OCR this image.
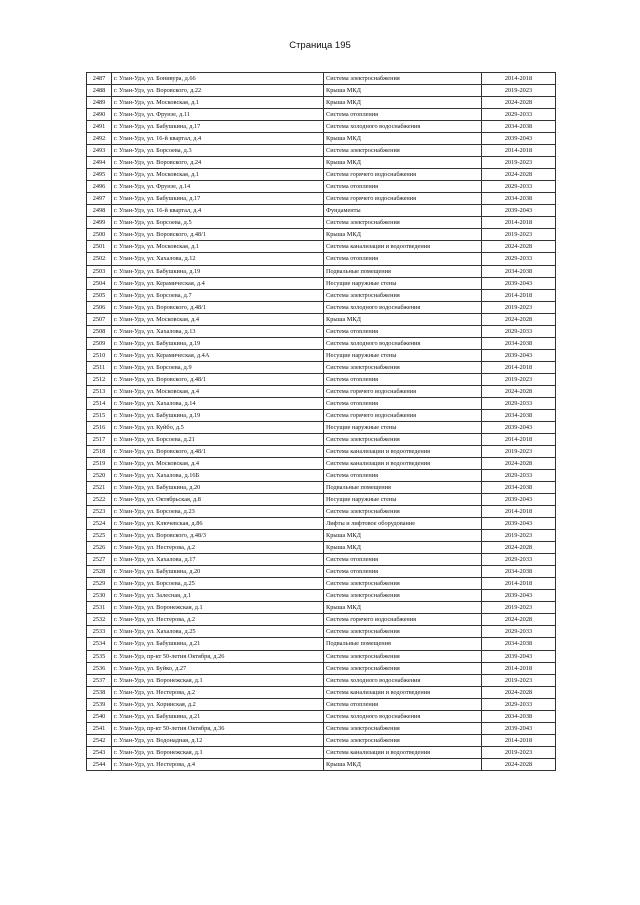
Страница 195
2487	г. Улан-Удэ, ул. Бонивура, д.66	Система электроснабжения	2014-2018
2488	г. Улан-Удэ, ул. Воровского, д.22	Крыша МКД	2019-2023
2489	г. Улан-Удэ, ул. Московская, д.1	Крыша МКД	2024-2028
2490	г. Улан-Удэ, ул. Фрунзе, д.11	Система отопления	2029-2033
2491	г. Улан-Удэ, ул. Бабушкина, д.17	Система холодного водоснабжения	2034-2038
2492	г. Улан-Удэ, ул. 16-й квартал, д.4	Крыша МКД	2039-2043
2493	г. Улан-Удэ, ул. Борсоева, д.3	Система электроснабжения	2014-2018
2494	г. Улан-Удэ, ул. Воровского, д.24	Крыша МКД	2019-2023
2495	г. Улан-Удэ, ул. Московская, д.1	Система горячего водоснабжения	2024-2028
2496	г. Улан-Удэ, ул. Фрунзе, д.14	Система отопления	2029-2033
2497	г. Улан-Удэ, ул. Бабушкина, д.17	Система горячего водоснабжения	2034-2038
2498	г. Улан-Удэ, ул. 16-й квартал, д.4	Фундаменты	2039-2043
2499	г. Улан-Удэ, ул. Борсоева, д.5	Система электроснабжения	2014-2018
2500	г. Улан-Удэ, ул. Воровского, д.48/1	Крыша МКД	2019-2023
2501	г. Улан-Удэ, ул. Московская, д.1	Система канализации и водоотведения	2024-2028
2502	г. Улан-Удэ, ул. Хахалова, д.12	Система отопления	2029-2033
2503	г. Улан-Удэ, ул. Бабушкина, д.19	Подвальные помещения	2034-2038
2504	г. Улан-Удэ, ул. Керамическая, д.4	Несущие наружные стены	2039-2043
2505	г. Улан-Удэ, ул. Борсоева, д.7	Система электроснабжения	2014-2018
2506	г. Улан-Удэ, ул. Воровского, д.48/1	Система холодного водоснабжения	2019-2023
2507	г. Улан-Удэ, ул. Московская, д.4	Крыша МКД	2024-2028
2508	г. Улан-Удэ, ул. Хахалова, д.13	Система отопления	2029-2033
2509	г. Улан-Удэ, ул. Бабушкина, д.19	Система холодного водоснабжения	2034-2038
2510	г. Улан-Удэ, ул. Керамическая, д.4А	Несущие наружные стены	2039-2043
2511	г. Улан-Удэ, ул. Борсоева, д.9	Система электроснабжения	2014-2018
2512	г. Улан-Удэ, ул. Воровского, д.48/1	Система отопления	2019-2023
2513	г. Улан-Удэ, ул. Московская, д.4	Система горячего водоснабжения	2024-2028
2514	г. Улан-Удэ, ул. Хахалова, д.14	Система отопления	2029-2033
2515	г. Улан-Удэ, ул. Бабушкина, д.19	Система горячего водоснабжения	2034-2038
2516	г. Улан-Удэ, ул. Куйбо, д.5	Несущие наружные стены	2039-2043
2517	г. Улан-Удэ, ул. Борсоева, д.21	Система электроснабжения	2014-2018
2518	г. Улан-Удэ, ул. Воровского, д.48/1	Система канализации и водоотведения	2019-2023
2519	г. Улан-Удэ, ул. Московская, д.4	Система канализации и водоотведения	2024-2028
2520	г. Улан-Удэ, ул. Хахалова, д.16Б	Система отопления	2029-2033
2521	г. Улан-Удэ, ул. Бабушкина, д.20	Подвальные помещения	2034-2038
2522	г. Улан-Удэ, ул. Октябрьская, д.8	Несущие наружные стены	2039-2043
2523	г. Улан-Удэ, ул. Борсоева, д.23	Система электроснабжения	2014-2018
2524	г. Улан-Удэ, ул. Ключевская, д.86	Лифты и лифтовое оборудование	2039-2043
2525	г. Улан-Удэ, ул. Воровского, д.48/3	Крыша МКД	2019-2023
2526	г. Улан-Удэ, ул. Нестерова, д.2	Крыша МКД	2024-2028
2527	г. Улан-Удэ, ул. Хахалова, д.17	Система отопления	2029-2033
2528	г. Улан-Удэ, ул. Бабушкина, д.20	Система отопления	2034-2038
2529	г. Улан-Удэ, ул. Борсоева, д.25	Система электроснабжения	2014-2018
2530	г. Улан-Удэ, ул. Залесная, д.1	Система электроснабжения	2039-2043
2531	г. Улан-Удэ, ул. Воронежская, д.1	Крыша МКД	2019-2023
2532	г. Улан-Удэ, ул. Нестерова, д.2	Система горячего водоснабжения	2024-2028
2533	г. Улан-Удэ, ул. Хахалова, д.25	Система электроснабжения	2029-2033
2534	г. Улан-Удэ, ул. Бабушкина, д.21	Подвальные помещения	2034-2038
2535	г. Улан-Удэ, пр-кт 50-летия Октября, д.26	Система электроснабжения	2039-2043
2536	г. Улан-Удэ, ул. Буйко, д.27	Система электроснабжения	2014-2018
2537	г. Улан-Удэ, ул. Воронежская, д.1	Система холодного водоснабжения	2019-2023
2538	г. Улан-Удэ, ул. Нестерова, д.2	Система канализации и водоотведения	2024-2028
2539	г. Улан-Удэ, ул. Хоринская, д.2	Система отопления	2029-2033
2540	г. Улан-Удэ, ул. Бабушкина, д.21	Система холодного водоснабжения	2034-2038
2541	г. Улан-Удэ, пр-кт 50-летия Октября, д.36	Система электроснабжения	2039-2043
2542	г. Улан-Удэ, ул. Водонадная, д.12	Система электроснабжения	2014-2018
2543	г. Улан-Удэ, ул. Воронежская, д.1	Система канализации и водоотведения	2019-2023
2544	г. Улан-Удэ, ул. Нестерова, д.4	Крыша МКД	2024-2028
